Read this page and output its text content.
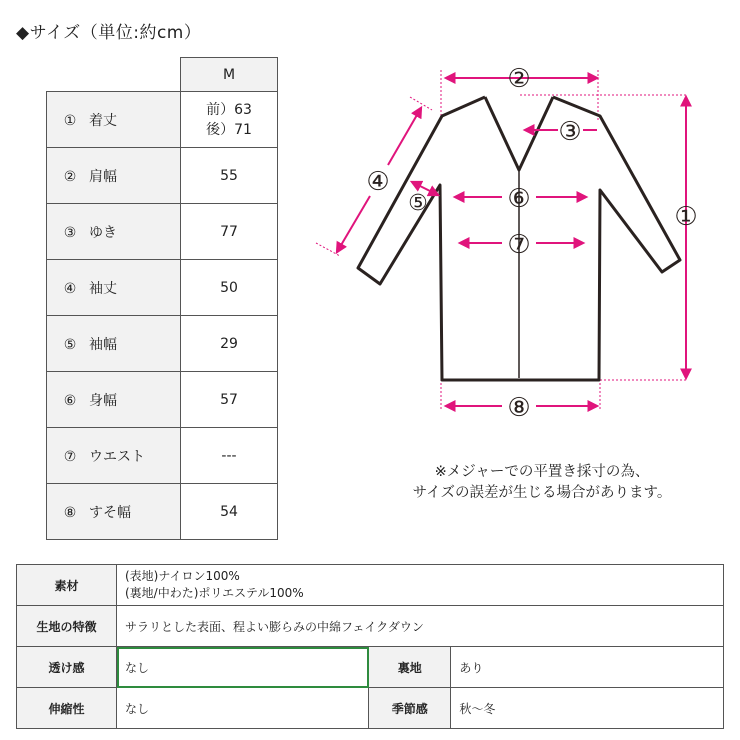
◆サイズ（単位:約cm）
	M
① 着丈	前）63
後）71

② 肩幅	55
③ ゆき	77
④ 袖丈	50
⑤ 袖幅	29
⑥ 身幅	57
⑦ ウエスト	---
⑧ すそ幅	54
②
③
①
④
⑤	⑥
⑦
⑧
※メジャーでの平置き採寸の為、
サイズの誤差が生じる場合があります。
素材	(表地)ナイロン100%
(裏地/中わた)ポリエステル100%		

生地の特徴	サラリとした表面、程よい膨らみの中綿フェイクダウン		
透け感	なし	裏地	あり
伸縮性	なし	季節感	秋〜冬
